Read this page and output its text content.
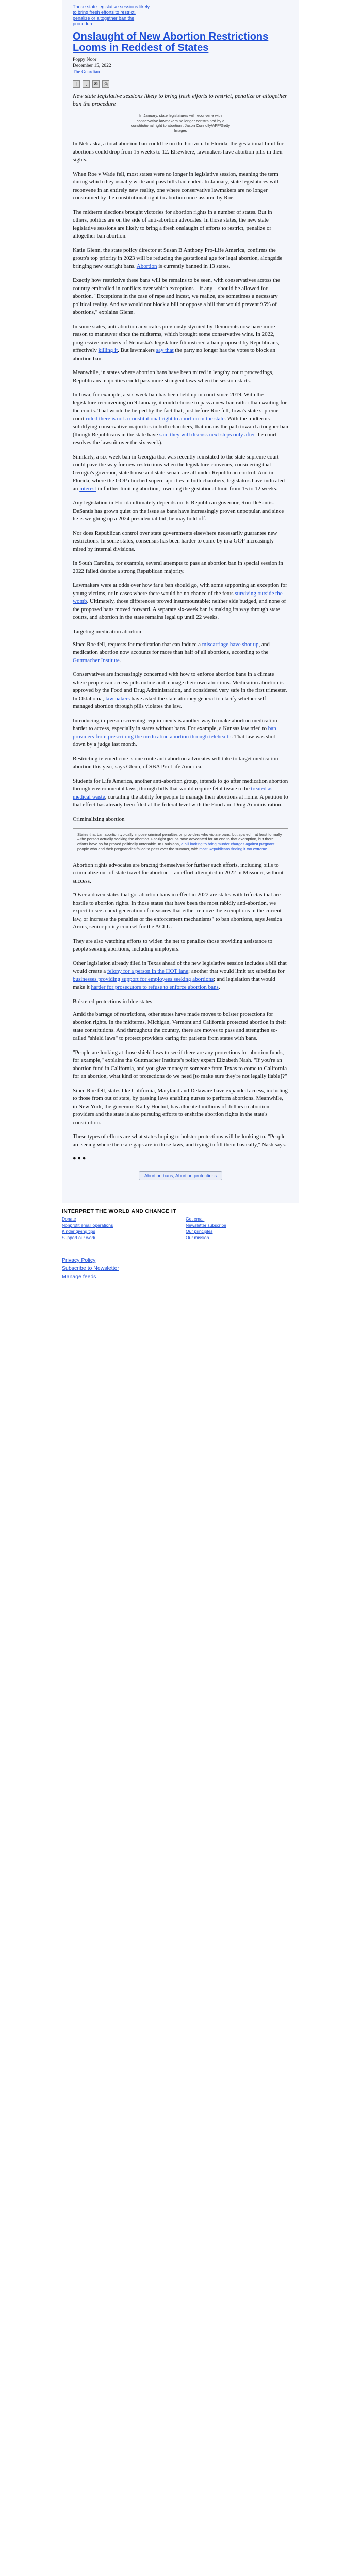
These state legislative sessions likely to bring fresh efforts to restrict, penalize or altogether ban the procedure
Onslaught of New Abortion Restrictions Looms in Reddest of States
Poppy Noor
December 15, 2022
The Guardian
f	t	✉	⎙

New state legislative sessions likely to bring fresh efforts to restrict, penalize or altogether ban the procedure

In January, state legislatures will reconvene with conservative lawmakers no longer constrained by a constitutional right to abortion . Jason Connolly/AFP/Getty Images

In Nebraska, a total abortion ban could be on the horizon. In Florida, the gestational limit for abortions could drop from 15 weeks to 12. Elsewhere, lawmakers have abortion pills in their sights.

When Roe v Wade fell, most states were no longer in legislative session, meaning the term during which they usually write and pass bills had ended. In January, state legislatures will reconvene in an entirely new reality, one where conservative lawmakers are no longer constrained by the constitutional right to abortion once assured by Roe.

The midterm elections brought victories for abortion rights in a number of states. But in others, politics are on the side of anti-abortion advocates. In those states, the new state legislative sessions are likely to bring a fresh onslaught of efforts to restrict, penalize or altogether ban abortion.

Katie Glenn, the state policy director at Susan B Anthony Pro-Life America, confirms the group's top priority in 2023 will be reducing the gestational age for legal abortion, alongside bringing new outright bans. Abortion is currently banned in 13 states.

Exactly how restrictive these bans will be remains to be seen, with conservatives across the country embroiled in conflicts over which exceptions – if any – should be allowed for abortion. "Exceptions in the case of rape and incest, we realize, are sometimes a necessary political reality. And we would not block a bill or oppose a bill that would prevent 95% of abortions," explains Glenn.

In some states, anti-abortion advocates previously stymied by Democrats now have more reason to maneuver since the midterms, which brought some conservative wins. In 2022, progressive members of Nebraska's legislature filibustered a ban proposed by Republicans, effectively killing it. But lawmakers say that the party no longer has the votes to block an abortion ban.

Meanwhile, in states where abortion bans have been mired in lengthy court proceedings, Republicans majorities could pass more stringent laws when the session starts.

In Iowa, for example, a six-week ban has been held up in court since 2019. With the legislature reconvening on 9 January, it could choose to pass a new ban rather than waiting for the courts. That would be helped by the fact that, just before Roe fell, Iowa's state supreme court ruled there is not a constitutional right to abortion in the state. With the midterms solidifying conservative majorities in both chambers, that means the path toward a tougher ban (though Republicans in the state have said they will discuss next steps only after the court resolves the lawsuit over the six-week).

Similarly, a six-week ban in Georgia that was recently reinstated to the state supreme court could pave the way for new restrictions when the legislature convenes, considering that Georgia's governor, state house and state senate are all under Republican control. And in Florida, where the GOP clinched supermajorities in both chambers, legislators have indicated an interest in further limiting abortion, lowering the gestational limit from 15 to 12 weeks.

Any legislation in Florida ultimately depends on its Republican governor, Ron DeSantis. DeSantis has grown quiet on the issue as bans have increasingly proven unpopular, and since he is weighing up a 2024 presidential bid, he may hold off.

Nor does Republican control over state governments elsewhere necessarily guarantee new restrictions. In some states, consensus has been harder to come by in a GOP increasingly mired by internal divisions.

In South Carolina, for example, several attempts to pass an abortion ban in special session in 2022 failed despite a strong Republican majority.

Lawmakers were at odds over how far a ban should go, with some supporting an exception for young victims, or in cases where there would be no chance of the fetus surviving outside the womb. Ultimately, those differences proved insurmountable: neither side budged, and none of the proposed bans moved forward. A separate six-week ban is making its way through state courts, and abortion in the state remains legal up until 22 weeks.

Targeting medication abortion

Since Roe fell, requests for medication that can induce a miscarriage have shot up, and medication abortion now accounts for more than half of all abortions, according to the Guttmacher Institute.

Conservatives are increasingly concerned with how to enforce abortion bans in a climate where people can access pills online and manage their own abortions. Medication abortion is approved by the Food and Drug Administration, and considered very safe in the first trimester. In Oklahoma, lawmakers have asked the state attorney general to clarify whether self-managed abortion through pills violates the law.

Introducing in-person screening requirements is another way to make abortion medication harder to access, especially in states without bans. For example, a Kansas law tried to ban providers from prescribing the medication abortion through telehealth. That law was shot down by a judge last month.

Restricting telemedicine is one route anti-abortion advocates will take to target medication abortion this year, says Glenn, of SBA Pro-Life America.

Students for Life America, another anti-abortion group, intends to go after medication abortion through environmental laws, through bills that would require fetal tissue to be treated as medical waste, curtailing the ability for people to manage their abortions at home. A petition to that effect has already been filed at the federal level with the Food and Drug Administration.

Criminalizing abortion
States that ban abortion typically impose criminal penalties on providers who violate bans, but spared – at least formally – the person actually seeking the abortion. Far-right groups have advocated for an end to that exemption, but there efforts have so far proved politically untenable. In Louisiana, a bill looking to bring murder charges against pregnant people who end their pregnancies failed to pass over the summer, with most Republicans finding it too extreme.

Abortion rights advocates are bracing themselves for further such efforts, including bills to criminalize out-of-state travel for abortion – an effort attempted in 2022 in Missouri, without success.

"Over a dozen states that got abortion bans in effect in 2022 are states with trifectas that are hostile to abortion rights. In those states that have been the most rabidly anti-abortion, we expect to see a next generation of measures that either remove the exemptions in the current law, or increase the penalties or the enforcement mechanisms" to ban abortions, says Jessica Arons, senior policy counsel for the ACLU.

They are also watching efforts to widen the net to penalize those providing assistance to people seeking abortions, including employers.

Other legislation already filed in Texas ahead of the new legislative session includes a bill that would create a felony for a person in the HOT lane; another that would limit tax subsidies for businesses providing support for employees seeking abortions; and legislation that would make it harder for prosecutors to refuse to enforce abortion bans.

Bolstered protections in blue states

Amid the barrage of restrictions, other states have made moves to bolster protections for abortion rights. In the midterms, Michigan, Vermont and California protected abortion in their state constitutions. And throughout the country, there are moves to pass and strengthen so-called "shield laws" to protect providers caring for patients from states with bans.

"People are looking at those shield laws to see if there are any protections for abortion funds, for example," explains the Guttmacher Institute's policy expert Elizabeth Nash. "If you're an abortion fund in California, and you give money to someone from Texas to come to California for an abortion, what kind of protections do we need [to make sure they're not legally liable]?"

Since Roe fell, states like California, Maryland and Delaware have expanded access, including to those from out of state, by passing laws enabling nurses to perform abortions. Meanwhile, in New York, the governor, Kathy Hochul, has allocated millions of dollars to abortion providers and the state is also pursuing efforts to enshrine abortion rights in the state's constitution.

These types of efforts are what states hoping to bolster protections will be looking to. "People are seeing where there are gaps are in these laws, and trying to fill them basically," Nash says.

● ● ●
Abortion bans, Abortion protections
INTERPRET THE WORLD AND CHANGE IT
Donate	Get email
Nonprofit email operations	Newsletter subscribe
Kinder giving tips	Our principles
Support our work	Our mission
Privacy Policy
Subscribe to Newsletter
Manage feeds
